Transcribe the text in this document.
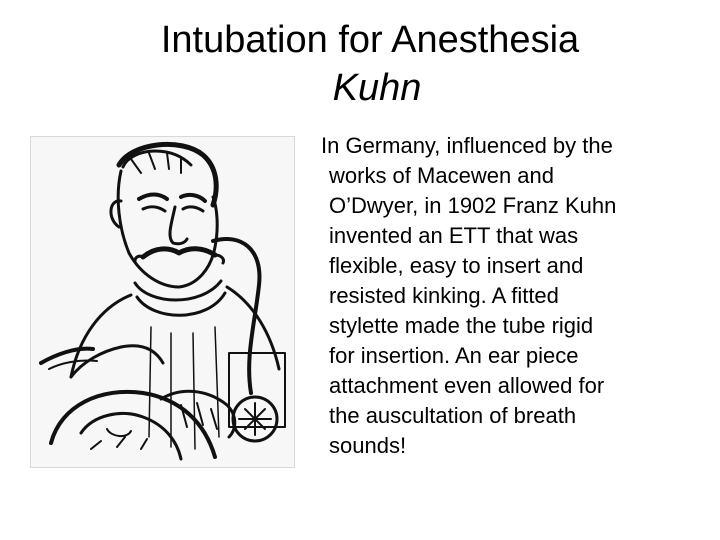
Intubation for Anesthesia
Kuhn
In Germany, influenced by the
works of Macewen and
O’Dwyer, in 1902 Franz Kuhn
invented an ETT that was
flexible, easy to insert and
resisted kinking. A fitted
stylette made the tube rigid
for insertion. An ear piece
attachment even allowed for
the auscultation of breath
sounds!
